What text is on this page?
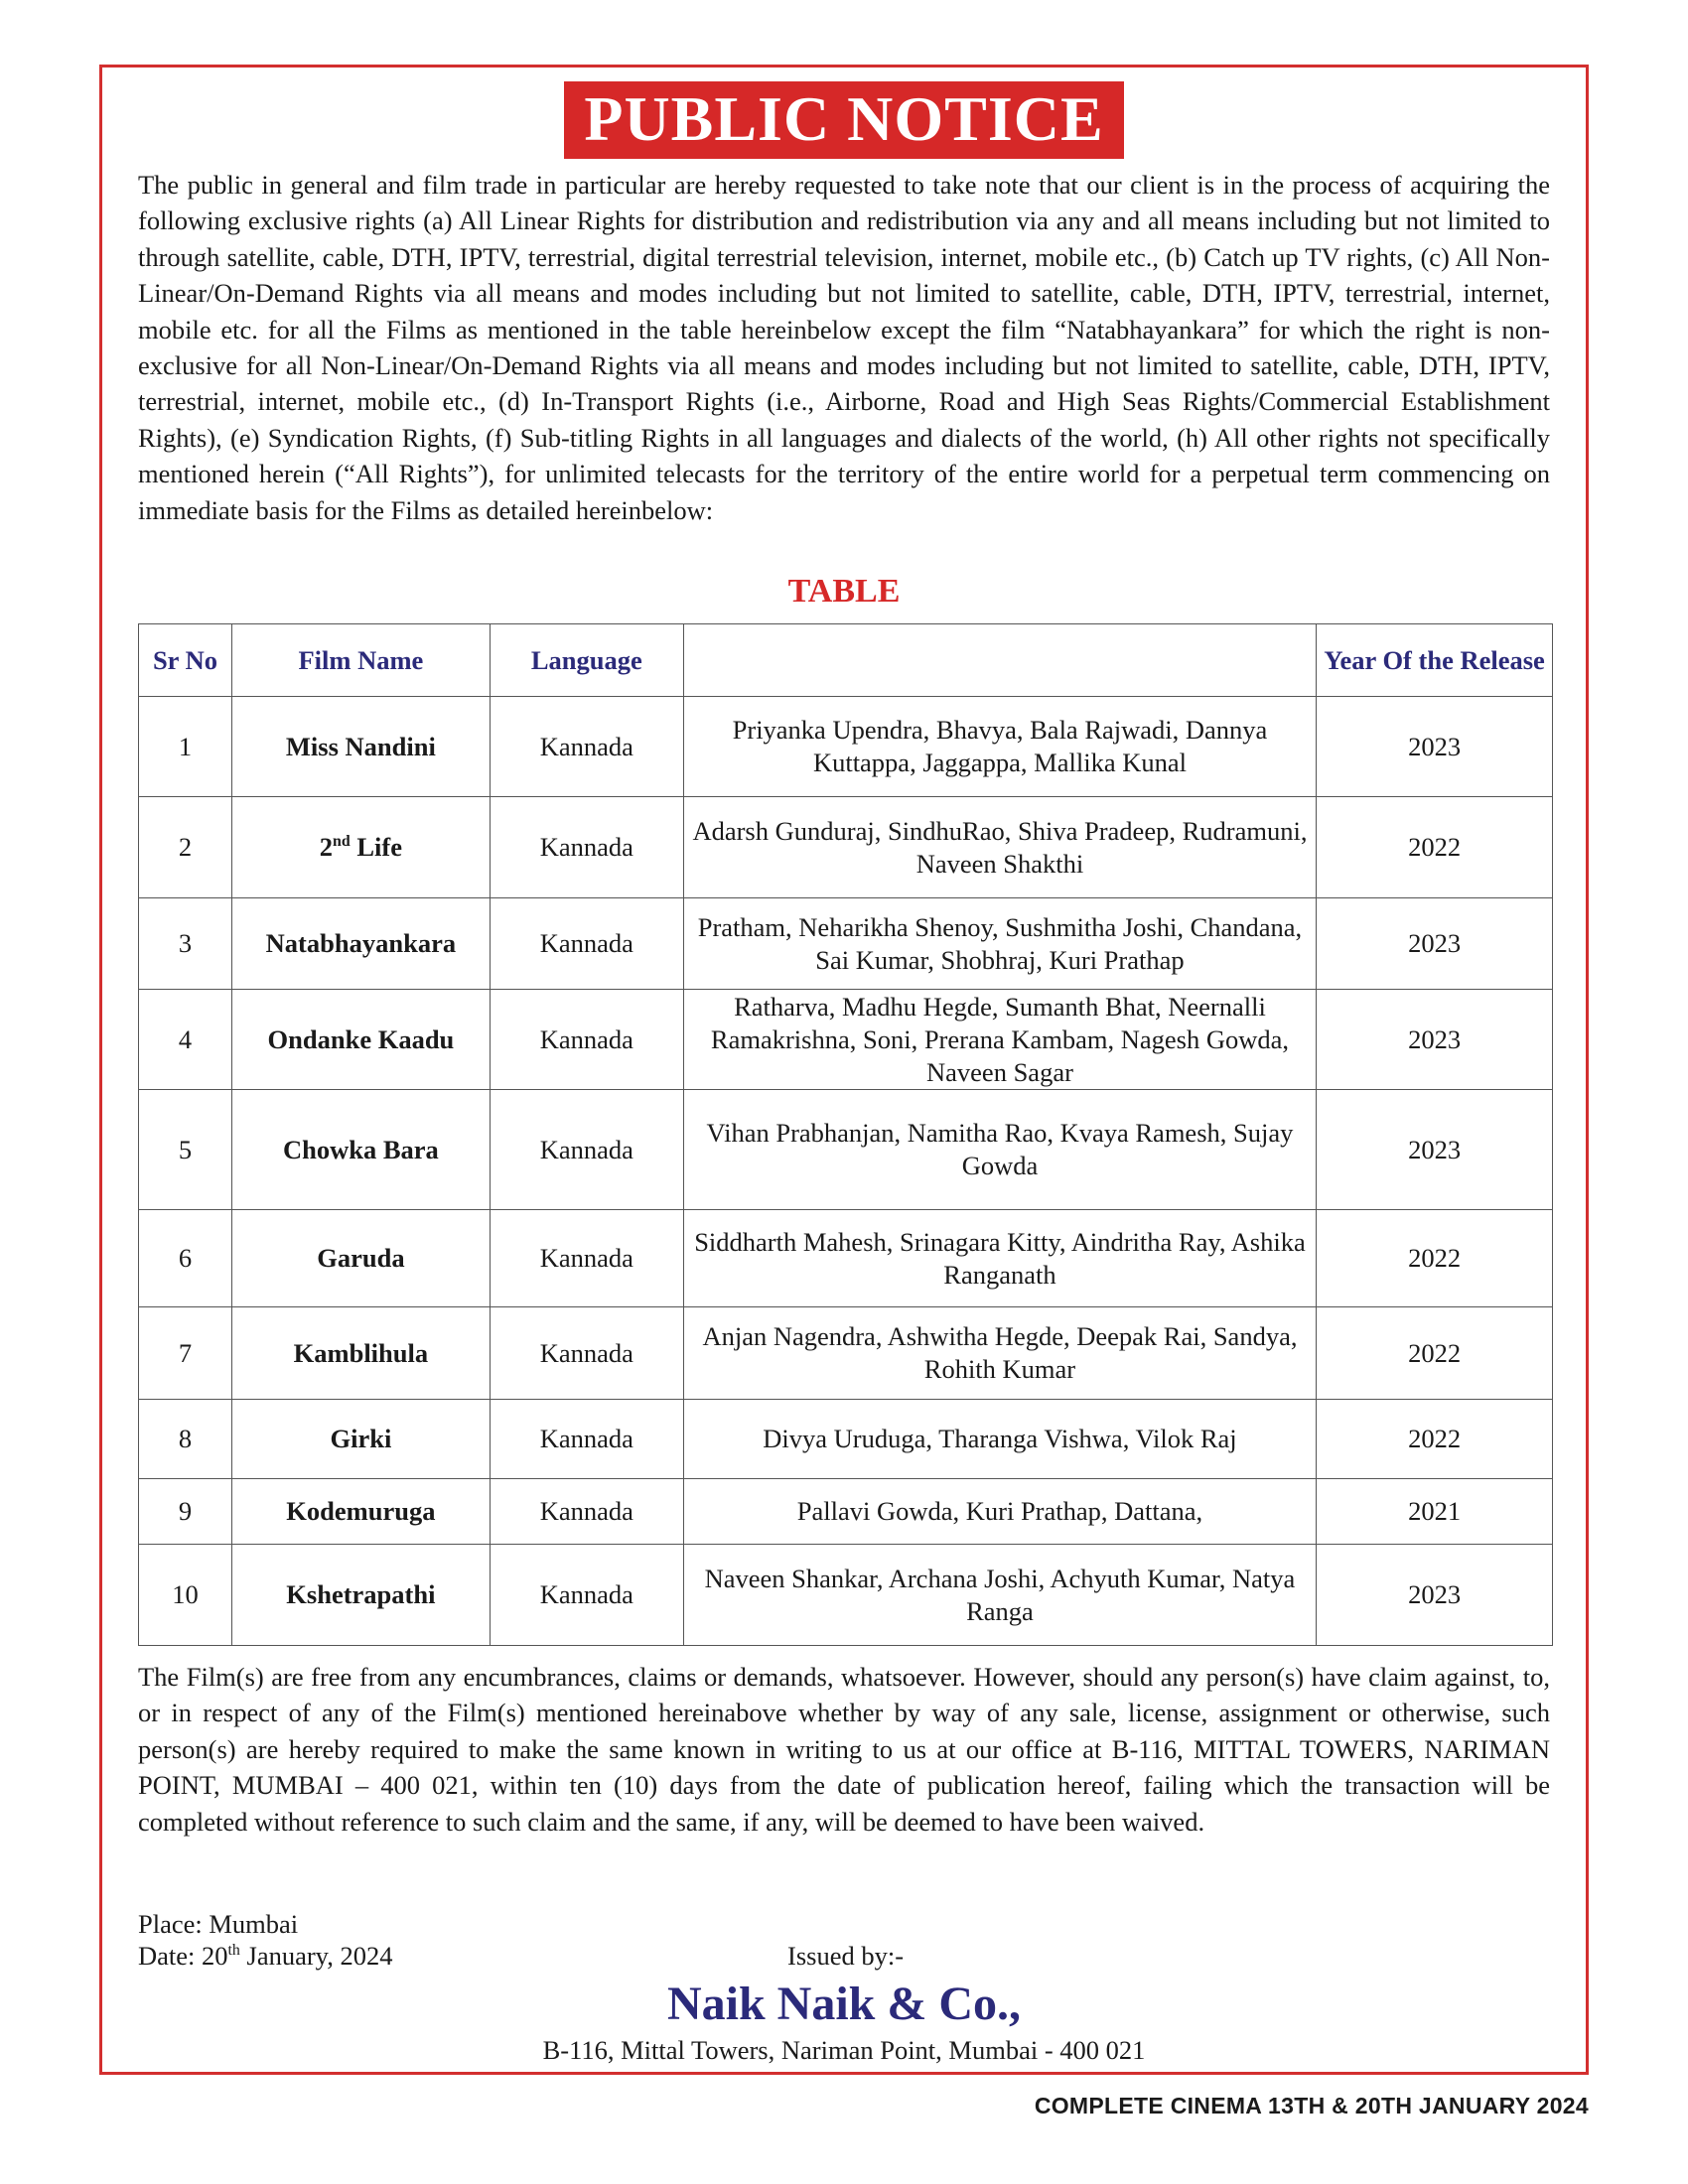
PUBLIC NOTICE
The public in general and film trade in particular are hereby requested to take note that our client is in the process of acquiring the following exclusive rights (a) All Linear Rights for distribution and redistribution via any and all means including but not limited to through satellite, cable, DTH, IPTV, terrestrial, digital terrestrial television, internet, mobile etc., (b) Catch up TV rights, (c) All Non-Linear/On-Demand Rights via all means and modes including but not limited to satellite, cable, DTH, IPTV, terrestrial, internet, mobile etc. for all the Films as mentioned in the table hereinbelow except the film “Natabhayankara” for which the right is non-exclusive for all Non-Linear/On-Demand Rights via all means and modes including but not limited to satellite, cable, DTH, IPTV, terrestrial, internet, mobile etc., (d) In-Transport Rights (i.e., Airborne, Road and High Seas Rights/Commercial Establishment Rights), (e) Syndication Rights, (f) Sub-titling Rights in all languages and dialects of the world, (h) All other rights not specifically mentioned herein (“All Rights”), for unlimited telecasts for the territory of the entire world for a perpetual term commencing on immediate basis for the Films as detailed hereinbelow:
TABLE
Sr No	Film Name	Language		Year Of the Release
1	Miss Nandini	Kannada	Priyanka Upendra, Bhavya, Bala Rajwadi, Dannya Kuttappa, Jaggappa, Mallika Kunal	2023
2	2nd Life	Kannada	Adarsh Gunduraj, SindhuRao, Shiva Pradeep, Rudramuni, Naveen Shakthi	2022
3	Natabhayankara	Kannada	Pratham, Neharikha Shenoy, Sushmitha Joshi, Chandana, Sai Kumar, Shobhraj, Kuri Prathap	2023
4	Ondanke Kaadu	Kannada	Ratharva, Madhu Hegde, Sumanth Bhat, Neernalli Ramakrishna, Soni, Prerana Kambam, Nagesh Gowda, Naveen Sagar	2023
5	Chowka Bara	Kannada	Vihan Prabhanjan, Namitha Rao, Kvaya Ramesh, Sujay Gowda	2023
6	Garuda	Kannada	Siddharth Mahesh, Srinagara Kitty, Aindritha Ray, Ashika Ranganath	2022
7	Kamblihula	Kannada	Anjan Nagendra, Ashwitha Hegde, Deepak Rai, Sandya, Rohith Kumar	2022
8	Girki	Kannada	Divya Uruduga, Tharanga Vishwa, Vilok Raj	2022
9	Kodemuruga	Kannada	Pallavi Gowda, Kuri Prathap, Dattana,	2021
10	Kshetrapathi	Kannada	Naveen Shankar, Archana Joshi, Achyuth Kumar, Natya Ranga	2023
The Film(s) are free from any encumbrances, claims or demands, whatsoever. However, should any person(s) have claim against, to, or in respect of any of the Film(s) mentioned hereinabove whether by way of any sale, license, assignment or otherwise, such person(s) are hereby required to make the same known in writing to us at our office at B-116, MITTAL TOWERS, NARIMAN POINT, MUMBAI – 400 021, within ten (10) days from the date of publication hereof, failing which the transaction will be completed without reference to such claim and the same, if any, will be deemed to have been waived.
Place: Mumbai
Date: 20th January, 2024	Issued by:-
Naik Naik & Co.,
B-116, Mittal Towers, Nariman Point, Mumbai - 400 021
COMPLETE CINEMA 13TH & 20TH JANUARY 2024
